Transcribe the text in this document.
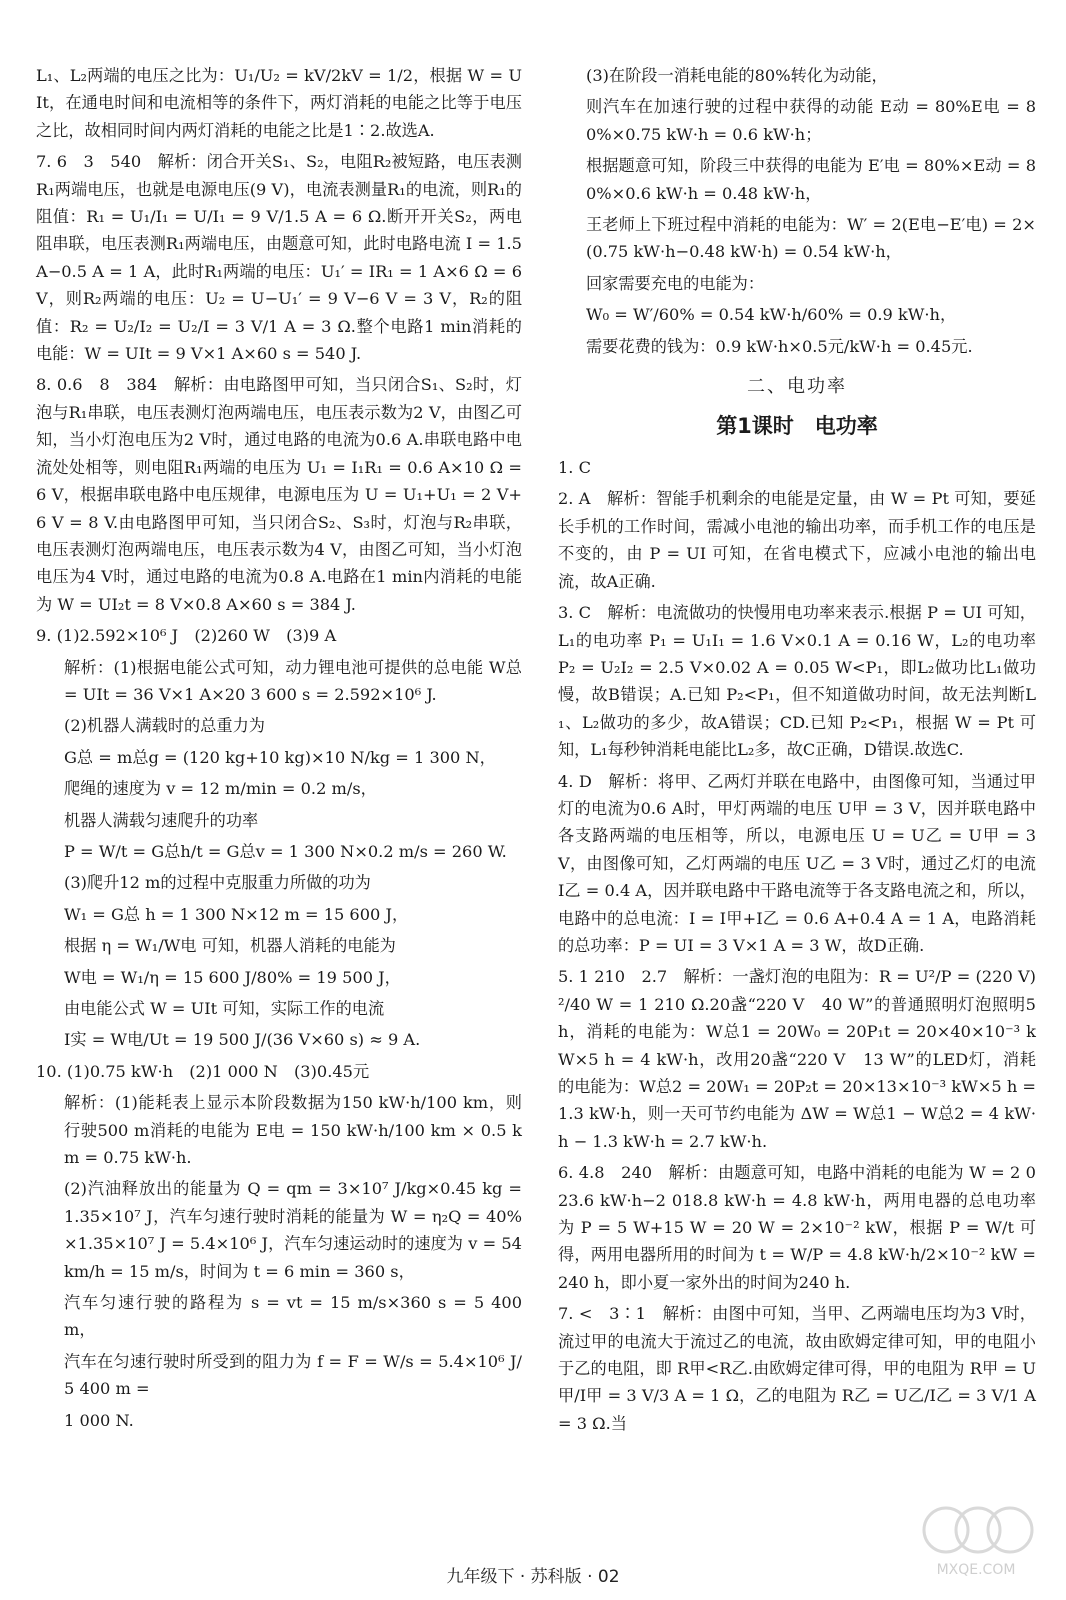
L₁、L₂两端的电压之比为：U₁/U₂ = kV/2kV = 1/2，根据 W = UIt，在通电时间和电流相等的条件下，两灯消耗的电能之比等于电压之比，故相同时间内两灯消耗的电能之比是1∶2.故选A.

7. 6　3　540　解析：闭合开关S₁、S₂，电阻R₂被短路，电压表测R₁两端电压，也就是电源电压(9 V)，电流表测量R₁的电流，则R₁的阻值：R₁ = U₁/I₁ = U/I₁ = 9 V/1.5 A = 6 Ω.断开开关S₂，两电阻串联，电压表测R₁两端电压，由题意可知，此时电路电流 I = 1.5 A−0.5 A = 1 A，此时R₁两端的电压：U₁′ = IR₁ = 1 A×6 Ω = 6 V，则R₂两端的电压：U₂ = U−U₁′ = 9 V−6 V = 3 V，R₂的阻值：R₂ = U₂/I₂ = U₂/I = 3 V/1 A = 3 Ω.整个电路1 min消耗的电能：W = UIt = 9 V×1 A×60 s = 540 J.

8. 0.6　8　384　解析：由电路图甲可知，当只闭合S₁、S₂时，灯泡与R₁串联，电压表测灯泡两端电压，电压表示数为2 V，由图乙可知，当小灯泡电压为2 V时，通过电路的电流为0.6 A.串联电路中电流处处相等，则电阻R₁两端的电压为 U₁ = I₁R₁ = 0.6 A×10 Ω = 6 V，根据串联电路中电压规律，电源电压为 U = U₁+U₁ = 2 V+6 V = 8 V.由电路图甲可知，当只闭合S₂、S₃时，灯泡与R₂串联，电压表测灯泡两端电压，电压表示数为4 V，由图乙可知，当小灯泡电压为4 V时，通过电路的电流为0.8 A.电路在1 min内消耗的电能为 W = UI₂t = 8 V×0.8 A×60 s = 384 J.

9. (1)2.592×10⁶ J　(2)260 W　(3)9 A

解析：(1)根据电能公式可知，动力锂电池可提供的总电能 W总 = UIt = 36 V×1 A×20 3 600 s = 2.592×10⁶ J.

(2)机器人满载时的总重力为

G总 = m总g = (120 kg+10 kg)×10 N/kg = 1 300 N，

爬绳的速度为 v = 12 m/min = 0.2 m/s，

机器人满载匀速爬升的功率

P = W/t = G总h/t = G总v = 1 300 N×0.2 m/s = 260 W.

(3)爬升12 m的过程中克服重力所做的功为

W₁ = G总 h = 1 300 N×12 m = 15 600 J，

根据 η = W₁/W电 可知，机器人消耗的电能为

W电 = W₁/η = 15 600 J/80% = 19 500 J，

由电能公式 W = UIt 可知，实际工作的电流

I实 = W电/Ut = 19 500 J/(36 V×60 s) ≈ 9 A.

10. (1)0.75 kW·h　(2)1 000 N　(3)0.45元

解析：(1)能耗表上显示本阶段数据为150 kW·h/100 km，则行驶500 m消耗的电能为 E电 = 150 kW·h/100 km × 0.5 km = 0.75 kW·h.

(2)汽油释放出的能量为 Q = qm = 3×10⁷ J/kg×0.45 kg = 1.35×10⁷ J，汽车匀速行驶时消耗的能量为 W = η₂Q = 40%×1.35×10⁷ J = 5.4×10⁶ J，汽车匀速运动时的速度为 v = 54 km/h = 15 m/s，时间为 t = 6 min = 360 s，

汽车匀速行驶的路程为 s = vt = 15 m/s×360 s = 5 400 m，

汽车在匀速行驶时所受到的阻力为 f = F = W/s = 5.4×10⁶ J/5 400 m =

1 000 N.

(3)在阶段一消耗电能的80%转化为动能，

则汽车在加速行驶的过程中获得的动能 E动 = 80%E电 = 80%×0.75 kW·h = 0.6 kW·h；

根据题意可知，阶段三中获得的电能为 E′电 = 80%×E动 = 80%×0.6 kW·h = 0.48 kW·h，

王老师上下班过程中消耗的电能为：W′ = 2(E电−E′电) = 2×(0.75 kW·h−0.48 kW·h) = 0.54 kW·h，

回家需要充电的电能为：

W₀ = W′/60% = 0.54 kW·h/60% = 0.9 kW·h，

需要花费的钱为：0.9 kW·h×0.5元/kW·h = 0.45元.

二、电功率
第1课时　电功率

1. C

2. A　解析：智能手机剩余的电能是定量，由 W = Pt 可知，要延长手机的工作时间，需减小电池的输出功率，而手机工作的电压是不变的，由 P = UI 可知，在省电模式下，应减小电池的输出电流，故A正确.

3. C　解析：电流做功的快慢用电功率来表示.根据 P = UI 可知，L₁的电功率 P₁ = U₁I₁ = 1.6 V×0.1 A = 0.16 W，L₂的电功率 P₂ = U₂I₂ = 2.5 V×0.02 A = 0.05 W<P₁，即L₂做功比L₁做功慢，故B错误；A.已知 P₂<P₁，但不知道做功时间，故无法判断L₁、L₂做功的多少，故A错误；CD.已知 P₂<P₁，根据 W = Pt 可知，L₁每秒钟消耗电能比L₂多，故C正确，D错误.故选C.

4. D　解析：将甲、乙两灯并联在电路中，由图像可知，当通过甲灯的电流为0.6 A时，甲灯两端的电压 U甲 = 3 V，因并联电路中各支路两端的电压相等，所以，电源电压 U = U乙 = U甲 = 3 V，由图像可知，乙灯两端的电压 U乙 = 3 V时，通过乙灯的电流 I乙 = 0.4 A，因并联电路中干路电流等于各支路电流之和，所以，电路中的总电流：I = I甲+I乙 = 0.6 A+0.4 A = 1 A，电路消耗的总功率：P = UI = 3 V×1 A = 3 W，故D正确.

5. 1 210　2.7　解析：一盏灯泡的电阻为：R = U²/P = (220 V)²/40 W = 1 210 Ω.20盏“220 V　40 W”的普通照明灯泡照明5 h，消耗的电能为：W总1 = 20W₀ = 20P₁t = 20×40×10⁻³ kW×5 h = 4 kW·h，改用20盏“220 V　13 W”的LED灯，消耗的电能为：W总2 = 20W₁ = 20P₂t = 20×13×10⁻³ kW×5 h = 1.3 kW·h，则一天可节约电能为 ΔW = W总1 − W总2 = 4 kW·h − 1.3 kW·h = 2.7 kW·h.

6. 4.8　240　解析：由题意可知，电路中消耗的电能为 W = 2 023.6 kW·h−2 018.8 kW·h = 4.8 kW·h，两用电器的总电功率为 P = 5 W+15 W = 20 W = 2×10⁻² kW，根据 P = W/t 可得，两用电器所用的时间为 t = W/P = 4.8 kW·h/2×10⁻² kW = 240 h，即小夏一家外出的时间为240 h.

7. <　3∶1　解析：由图中可知，当甲、乙两端电压均为3 V时，流过甲的电流大于流过乙的电流，故由欧姆定律可知，甲的电阻小于乙的电阻，即 R甲<R乙.由欧姆定律可得，甲的电阻为 R甲 = U甲/I甲 = 3 V/3 A = 1 Ω，乙的电阻为 R乙 = U乙/I乙 = 3 V/1 A = 3 Ω.当

MXQE.COM
九年级下 · 苏科版 · 02
